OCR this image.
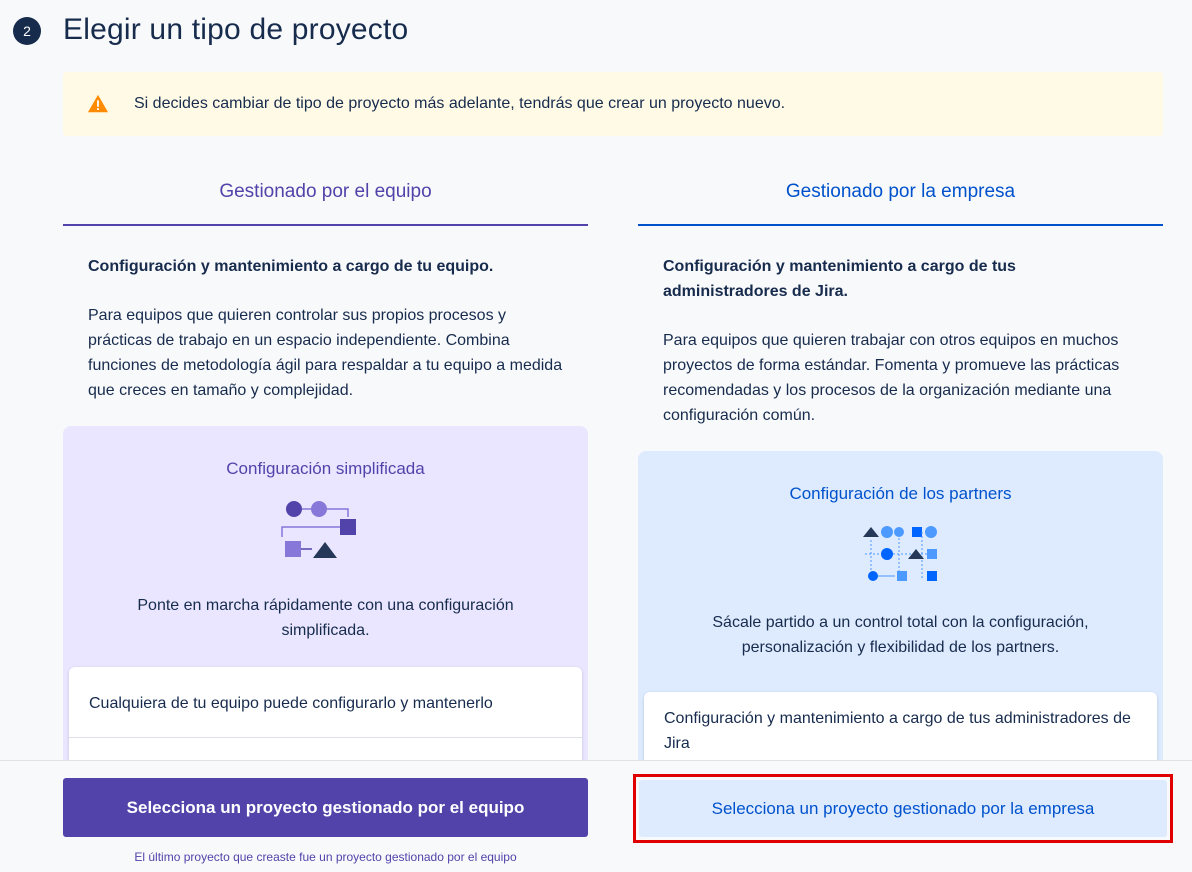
2	Elegir un tipo de proyecto
Si decides cambiar de tipo de proyecto más adelante, tendrás que crear un proyecto nuevo.
Gestionado por el equipo

Configuración y mantenimiento a cargo de tu equipo.

Para equipos que quieren controlar sus propios procesos y prácticas de trabajo en un espacio independiente. Combina funciones de metodología ágil para respaldar a tu equipo a medida que creces en tamaño y complejidad.

Configuración simplificada
Ponte en marcha rápidamente con una configuración simplificada.
Cualquiera de tu equipo puede configurarlo y mantenerlo
Gestionado por la empresa

Configuración y mantenimiento a cargo de tus administradores de Jira.

Para equipos que quieren trabajar con otros equipos en muchos proyectos de forma estándar. Fomenta y promueve las prácticas recomendadas y los procesos de la organización mediante una configuración común.

Configuración de los partners
Sácale partido a un control total con la configuración, personalización y flexibilidad de los partners.
Configuración y mantenimiento a cargo de tus administradores de Jira
Selecciona un proyecto gestionado por el equipo	Selecciona un proyecto gestionado por la empresa
El último proyecto que creaste fue un proyecto gestionado por el equipo
